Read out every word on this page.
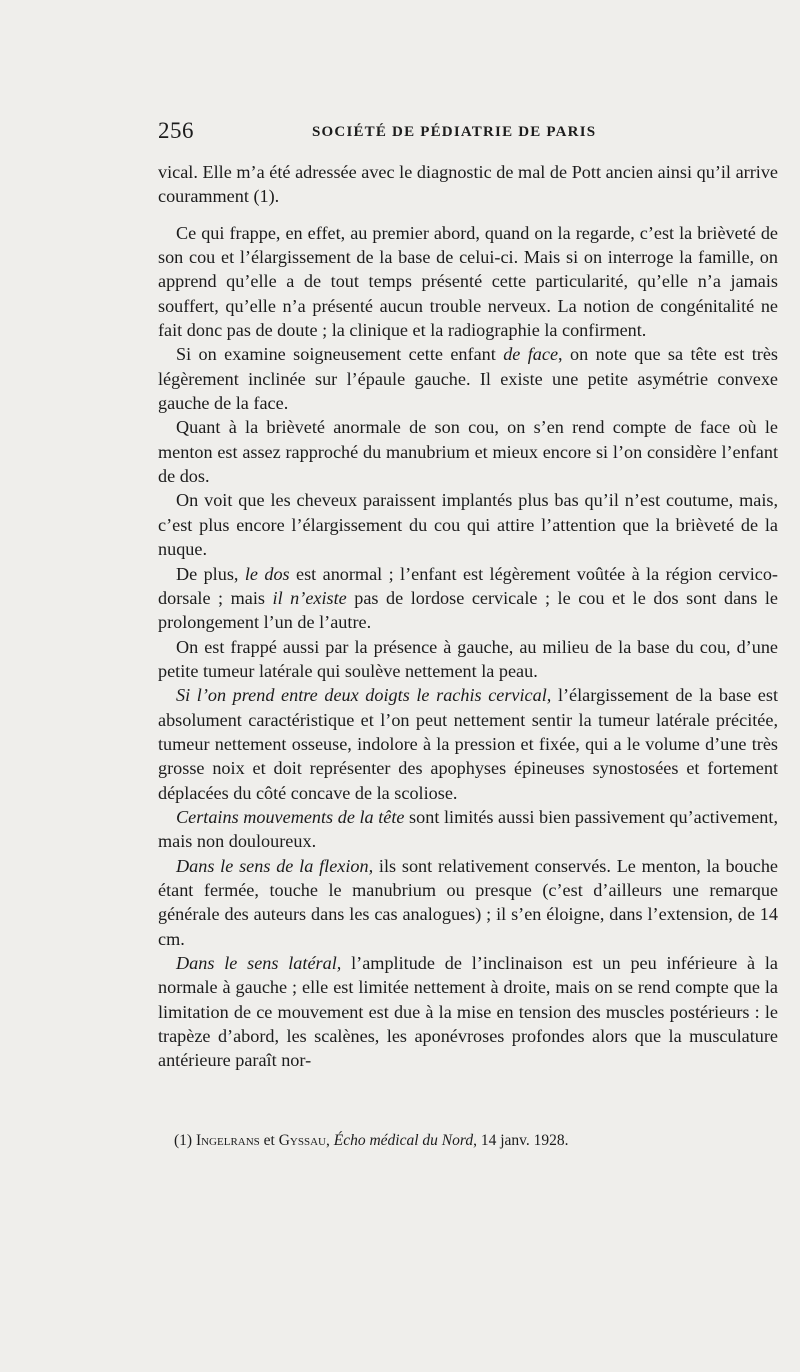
256	SOCIÉTÉ DE PÉDIATRIE DE PARIS

vical. Elle m’a été adressée avec le diagnostic de mal de Pott ancien ainsi qu’il arrive couramment (1).

Ce qui frappe, en effet, au premier abord, quand on la regarde, c’est la brièveté de son cou et l’élargissement de la base de celui-ci. Mais si on interroge la famille, on apprend qu’elle a de tout temps présenté cette particularité, qu’elle n’a jamais souffert, qu’elle n’a présenté aucun trouble nerveux. La notion de congénitalité ne fait donc pas de doute ; la clinique et la radiographie la confirment.

Si on examine soigneusement cette enfant de face, on note que sa tête est très légèrement inclinée sur l’épaule gauche. Il existe une petite asymétrie convexe gauche de la face.

Quant à la brièveté anormale de son cou, on s’en rend compte de face où le menton est assez rapproché du manubrium et mieux encore si l’on considère l’enfant de dos.

On voit que les cheveux paraissent implantés plus bas qu’il n’est coutume, mais, c’est plus encore l’élargissement du cou qui attire l’attention que la brièveté de la nuque.

De plus, le dos est anormal ; l’enfant est légèrement voûtée à la région cervico-dorsale ; mais il n’existe pas de lordose cervicale ; le cou et le dos sont dans le prolongement l’un de l’autre.

On est frappé aussi par la présence à gauche, au milieu de la base du cou, d’une petite tumeur latérale qui soulève nettement la peau.

Si l’on prend entre deux doigts le rachis cervical, l’élargissement de la base est absolument caractéristique et l’on peut nettement sentir la tumeur latérale précitée, tumeur nettement osseuse, indolore à la pression et fixée, qui a le volume d’une très grosse noix et doit représenter des apophyses épineuses synostosées et fortement déplacées du côté concave de la scoliose.

Certains mouvements de la tête sont limités aussi bien passivement qu’activement, mais non douloureux.

Dans le sens de la flexion, ils sont relativement conservés. Le menton, la bouche étant fermée, touche le manubrium ou presque (c’est d’ailleurs une remarque générale des auteurs dans les cas analogues) ; il s’en éloigne, dans l’extension, de 14 cm.

Dans le sens latéral, l’amplitude de l’inclinaison est un peu inférieure à la normale à gauche ; elle est limitée nettement à droite, mais on se rend compte que la limitation de ce mouvement est due à la mise en tension des muscles postérieurs : le trapèze d’abord, les scalènes, les aponévroses profondes alors que la musculature antérieure paraît nor-

(1) Ingelrans et Gyssau, Écho médical du Nord, 14 janv. 1928.
